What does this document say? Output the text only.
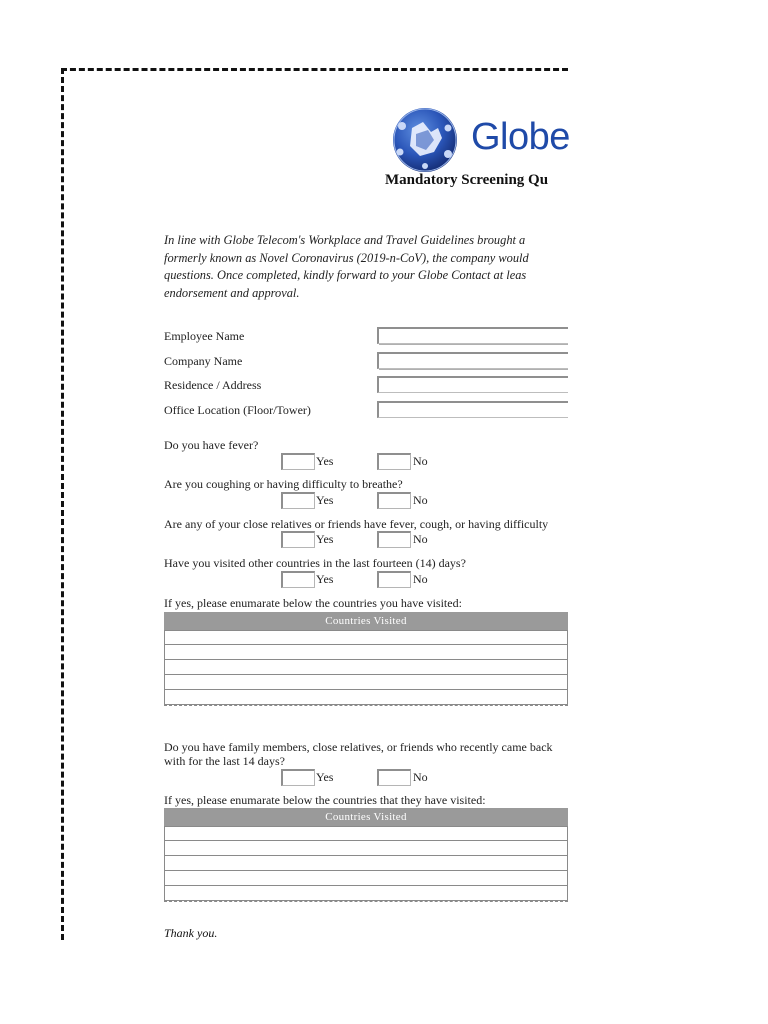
Globe
Mandatory Screening Qu
In line with Globe Telecom's Workplace and Travel Guidelines brought a
formerly known as Novel Coronavirus (2019-n-CoV), the company would
questions. Once completed, kindly forward to your Globe Contact at leas
endorsement and approval.
Employee Name
Company Name
Residence / Address
Office Location (Floor/Tower)
Do you have fever?
Yes	No
Are you coughing or having difficulty to breathe?
Yes	No
Are any of your close relatives or friends have fever, cough, or having difficulty
Yes	No
Have you visited other countries in the last fourteen (14) days?
Yes	No
If yes, please enumarate below the countries you have visited:
Countries Visited
Do you have family members, close relatives, or friends who recently came back
with for the last 14 days?
Yes	No
If yes, please enumarate below the countries that they have visited:
Countries Visited
Thank you.
